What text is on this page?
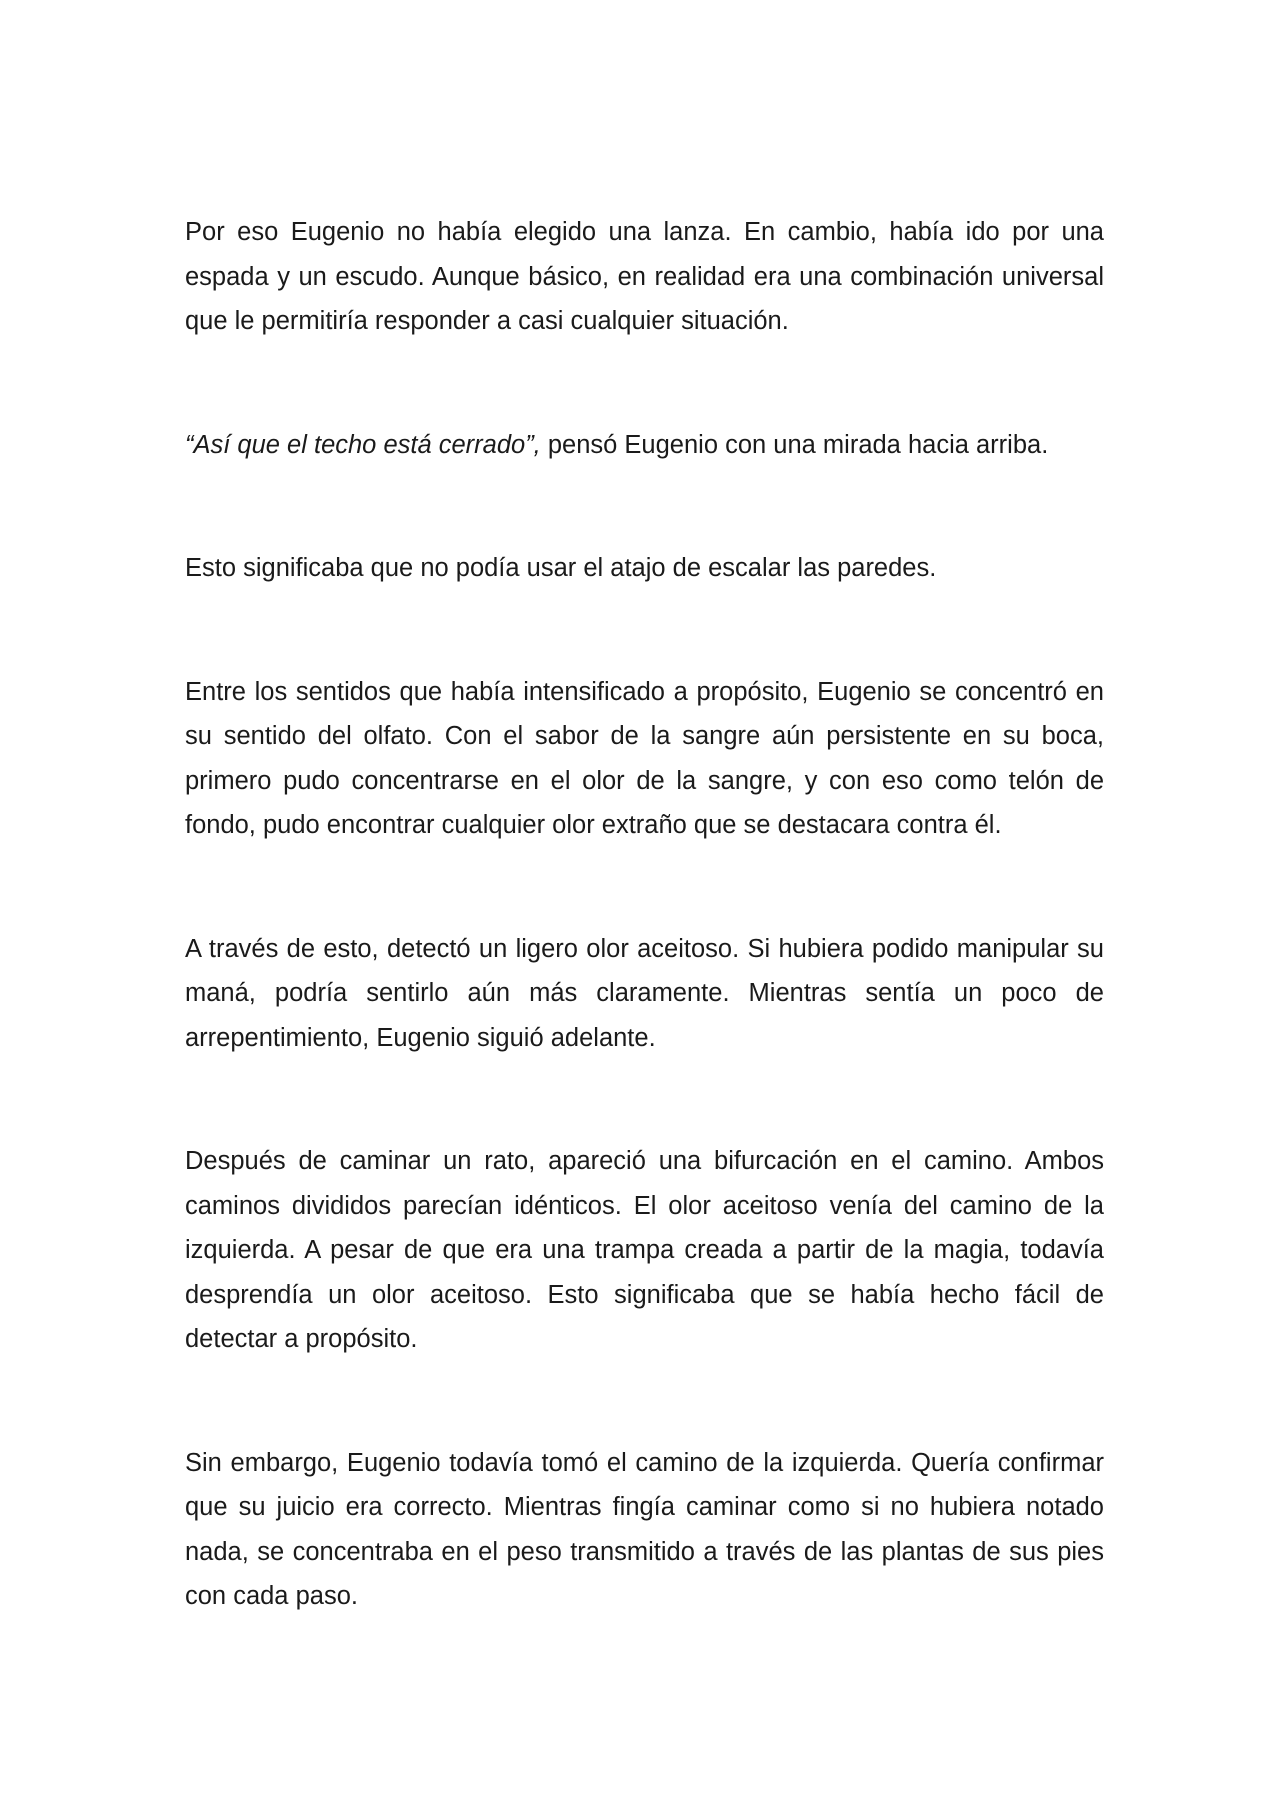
Por eso Eugenio no había elegido una lanza. En cambio, había ido por una espada y un escudo. Aunque básico, en realidad era una combinación universal que le permitiría responder a casi cualquier situación.

“Así que el techo está cerrado”, pensó Eugenio con una mirada hacia arriba.

Esto significaba que no podía usar el atajo de escalar las paredes.

Entre los sentidos que había intensificado a propósito, Eugenio se concentró en su sentido del olfato. Con el sabor de la sangre aún persistente en su boca, primero pudo concentrarse en el olor de la sangre, y con eso como telón de fondo, pudo encontrar cualquier olor extraño que se destacara contra él.

A través de esto, detectó un ligero olor aceitoso. Si hubiera podido manipular su maná, podría sentirlo aún más claramente. Mientras sentía un poco de arrepentimiento, Eugenio siguió adelante.

Después de caminar un rato, apareció una bifurcación en el camino. Ambos caminos divididos parecían idénticos. El olor aceitoso venía del camino de la izquierda. A pesar de que era una trampa creada a partir de la magia, todavía desprendía un olor aceitoso. Esto significaba que se había hecho fácil de detectar a propósito.

Sin embargo, Eugenio todavía tomó el camino de la izquierda. Quería confirmar que su juicio era correcto. Mientras fingía caminar como si no hubiera notado nada, se concentraba en el peso transmitido a través de las plantas de sus pies con cada paso.
